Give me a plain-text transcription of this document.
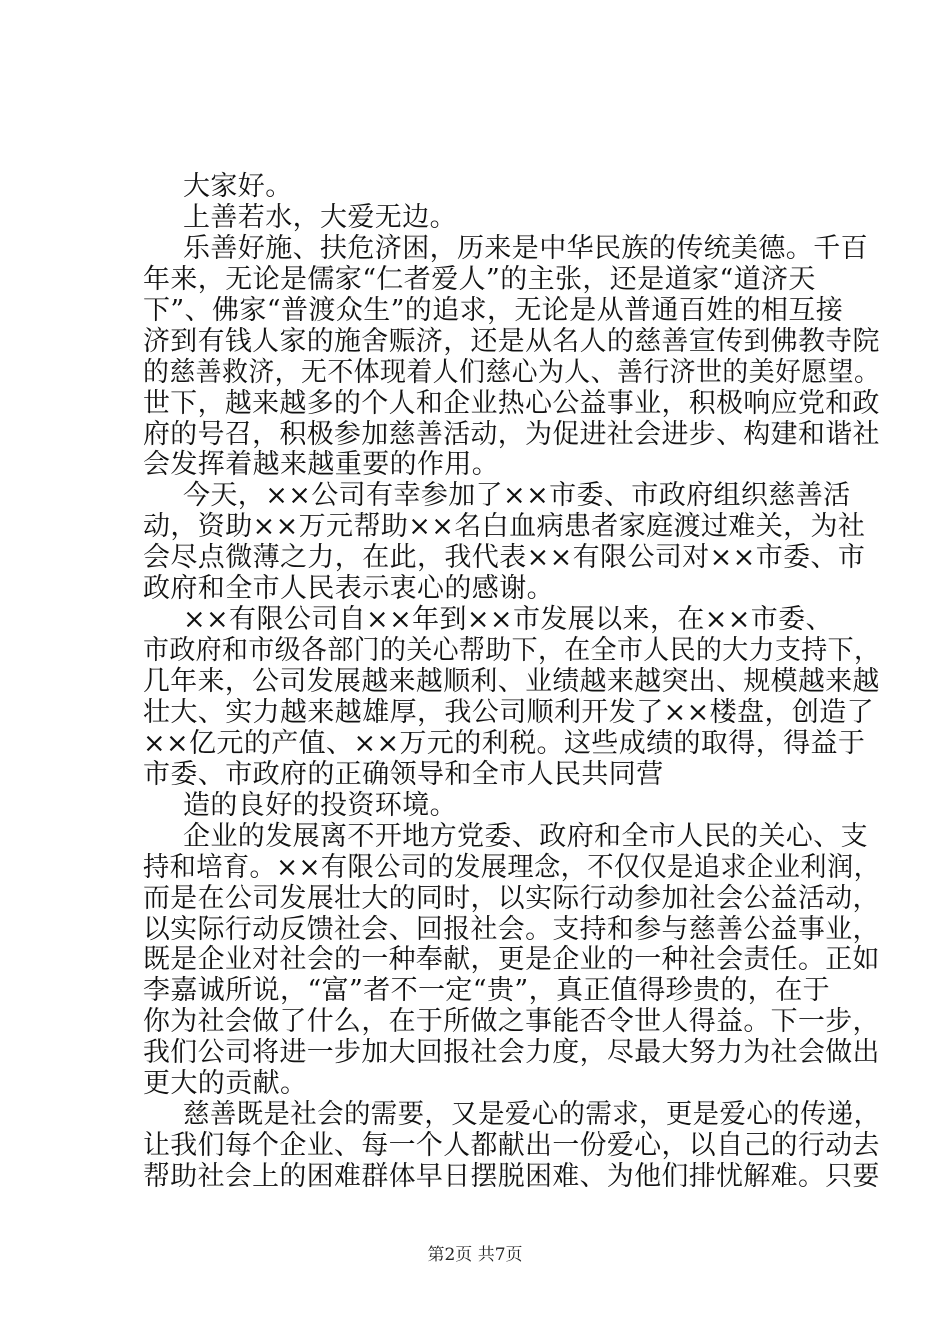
大家好。
上善若水，大爱无边。
乐善好施、扶危济困，历来是中华民族的传统美德。千百
年来，无论是儒家“仁者爱人”的主张，还是道家“道济天
下”、佛家“普渡众生”的追求，无论是从普通百姓的相互接
济到有钱人家的施舍赈济，还是从名人的慈善宣传到佛教寺院
的慈善救济，无不体现着人们慈心为人、善行济世的美好愿望。
世下，越来越多的个人和企业热心公益事业，积极响应党和政
府的号召，积极参加慈善活动，为促进社会进步、构建和谐社
会发挥着越来越重要的作用。
今天，××公司有幸参加了××市委、市政府组织慈善活
动，资助××万元帮助××名白血病患者家庭渡过难关，为社
会尽点微薄之力，在此，我代表××有限公司对××市委、市
政府和全市人民表示衷心的感谢。
××有限公司自××年到××市发展以来，在××市委、
市政府和市级各部门的关心帮助下，在全市人民的大力支持下，
几年来，公司发展越来越顺利、业绩越来越突出、规模越来越
壮大、实力越来越雄厚，我公司顺利开发了××楼盘，创造了
××亿元的产值、××万元的利税。这些成绩的取得，得益于
市委、市政府的正确领导和全市人民共同营
造的良好的投资环境。
企业的发展离不开地方党委、政府和全市人民的关心、支
持和培育。××有限公司的发展理念，不仅仅是追求企业利润，
而是在公司发展壮大的同时，以实际行动参加社会公益活动，
以实际行动反馈社会、回报社会。支持和参与慈善公益事业，
既是企业对社会的一种奉献，更是企业的一种社会责任。正如
李嘉诚所说，“富”者不一定“贵”，真正值得珍贵的，在于
你为社会做了什么，在于所做之事能否令世人得益。下一步，
我们公司将进一步加大回报社会力度，尽最大努力为社会做出
更大的贡献。
慈善既是社会的需要，又是爱心的需求，更是爱心的传递，
让我们每个企业、每一个人都献出一份爱心，以自己的行动去
帮助社会上的困难群体早日摆脱困难、为他们排忧解难。只要
第2页 共7页
